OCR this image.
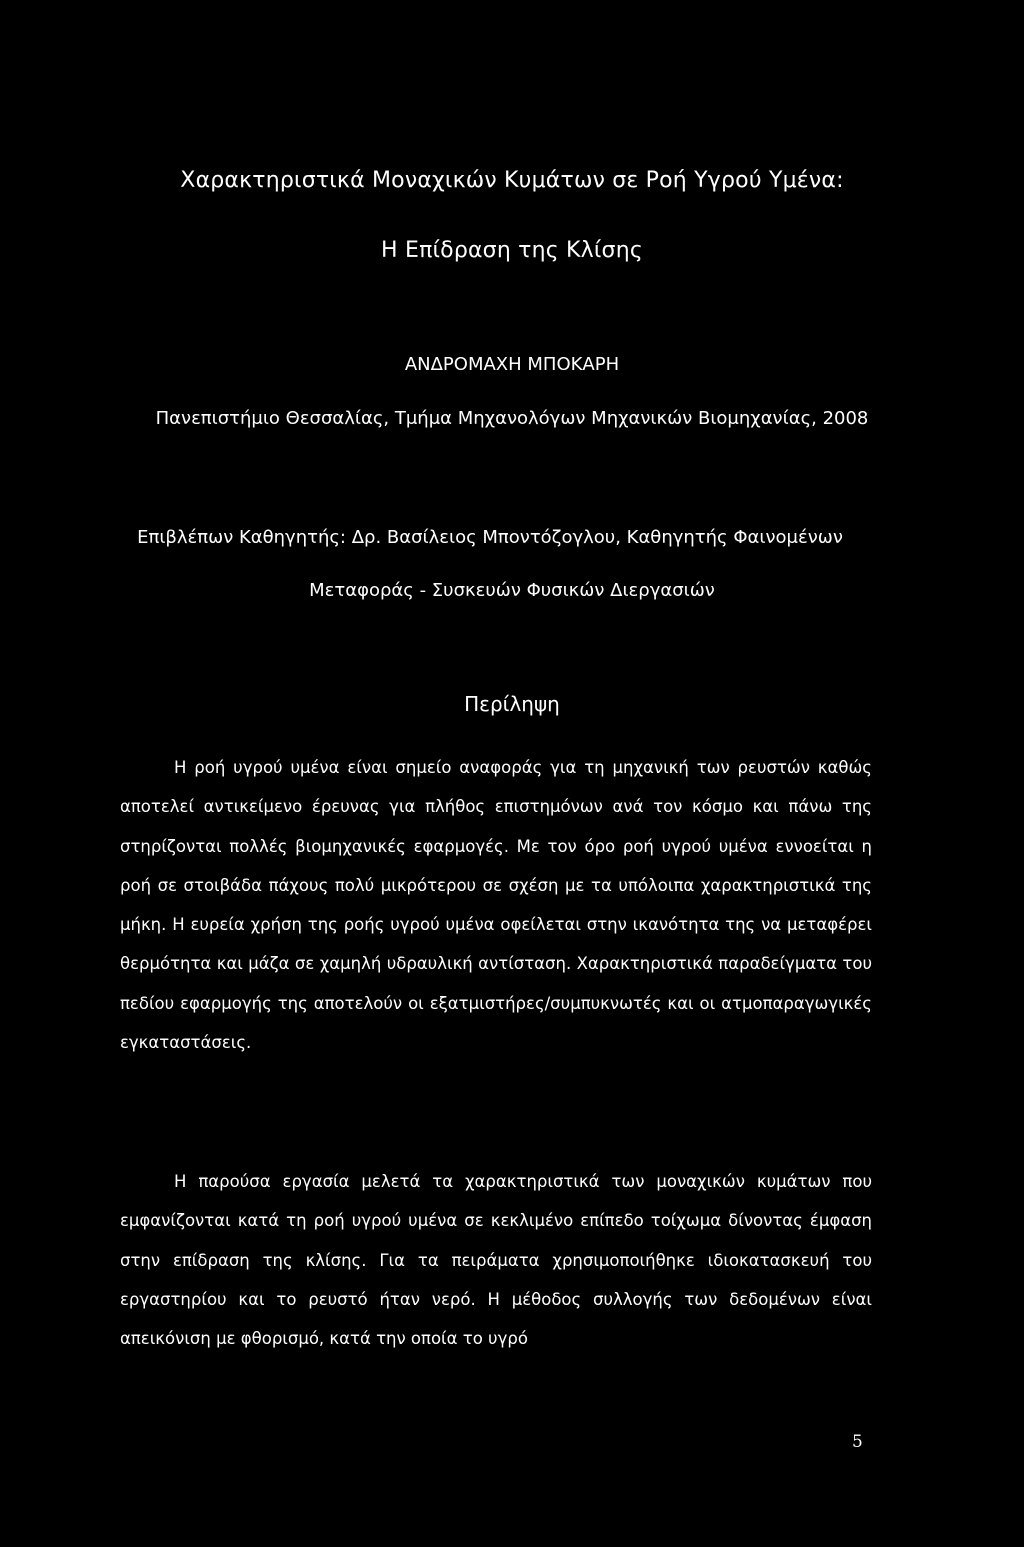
Χαρακτηριστικά Μοναχικών Κυμάτων σε Ροή Υγρού Υμένα:
Η Επίδραση της Κλίσης
ΑΝΔΡΟΜΑΧΗ ΜΠΟΚΑΡΗ
Πανεπιστήμιο Θεσσαλίας, Τμήμα Μηχανολόγων Μηχανικών Βιομηχανίας, 2008
Επιβλέπων Καθηγητής: Δρ. Βασίλειος Μποντόζογλου, Καθηγητής Φαινομένων
Μεταφοράς - Συσκευών Φυσικών Διεργασιών
Περίληψη

Η ροή υγρού υμένα είναι σημείο αναφοράς για τη μηχανική των ρευστών καθώς αποτελεί αντικείμενο έρευνας για πλήθος επιστημόνων ανά τον κόσμο και πάνω της στηρίζονται πολλές βιομηχανικές εφαρμογές. Με τον όρο ροή υγρού υμένα εννοείται η ροή σε στοιβάδα πάχους πολύ μικρότερου σε σχέση με τα υπόλοιπα χαρακτηριστικά της μήκη. Η ευρεία χρήση της ροής υγρού υμένα οφείλεται στην ικανότητα της να μεταφέρει θερμότητα και μάζα σε χαμηλή υδραυλική αντίσταση. Χαρακτηριστικά παραδείγματα του πεδίου εφαρμογής της αποτελούν οι εξατμιστήρες/συμπυκνωτές και οι ατμοπαραγωγικές εγκαταστάσεις.

Η παρούσα εργασία μελετά τα χαρακτηριστικά των μοναχικών κυμάτων που εμφανίζονται κατά τη ροή υγρού υμένα σε κεκλιμένο επίπεδο τοίχωμα δίνοντας έμφαση στην επίδραση της κλίσης. Για τα πειράματα χρησιμοποιήθηκε ιδιοκατασκευή του εργαστηρίου και το ρευστό ήταν νερό. Η μέθοδος συλλογής των δεδομένων είναι απεικόνιση με φθορισμό, κατά την οποία το υγρό

5
